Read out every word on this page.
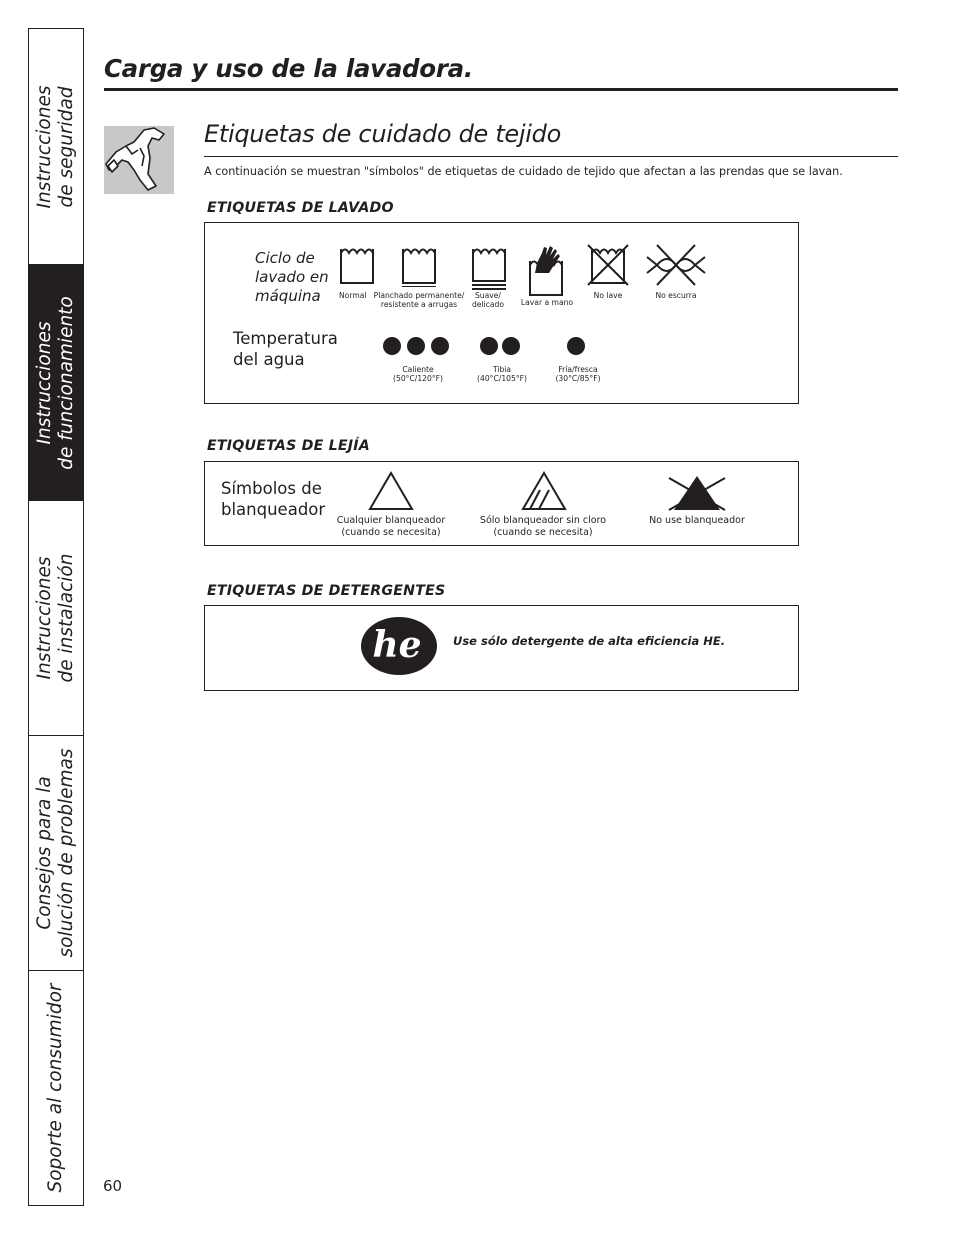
Instrucciones de seguridad
Instrucciones de funcionamiento
Instrucciones de instalación
Consejos para la solución de problemas
Soporte al consumidor
Carga y uso de la lavadora.
Etiquetas de cuidado de tejido
A continuación se muestran "símbolos" de etiquetas de cuidado de tejido que afectan a las prendas que se lavan.
ETIQUETAS DE LAVADO
Ciclo de
lavado en
máquina	Normal Planchado permanente/
resistente a arrugas
Suave/
delicado	Lavar a mano
No lave	No escurra
Temperatura
del agua
Caliente
(50°C/120°F)
Tibia
(40°C/105°F)
Fría/fresca
(30°C/85°F)
ETIQUETAS DE LEJÍA
Símbolos de
blanqueador
Cualquier blanqueador
(cuando se necesita)
Sólo blanqueador sin cloro
(cuando se necesita)
No use blanqueador
ETIQUETAS DE DETERGENTES
he	Use sólo detergente de alta eficiencia HE.
60
